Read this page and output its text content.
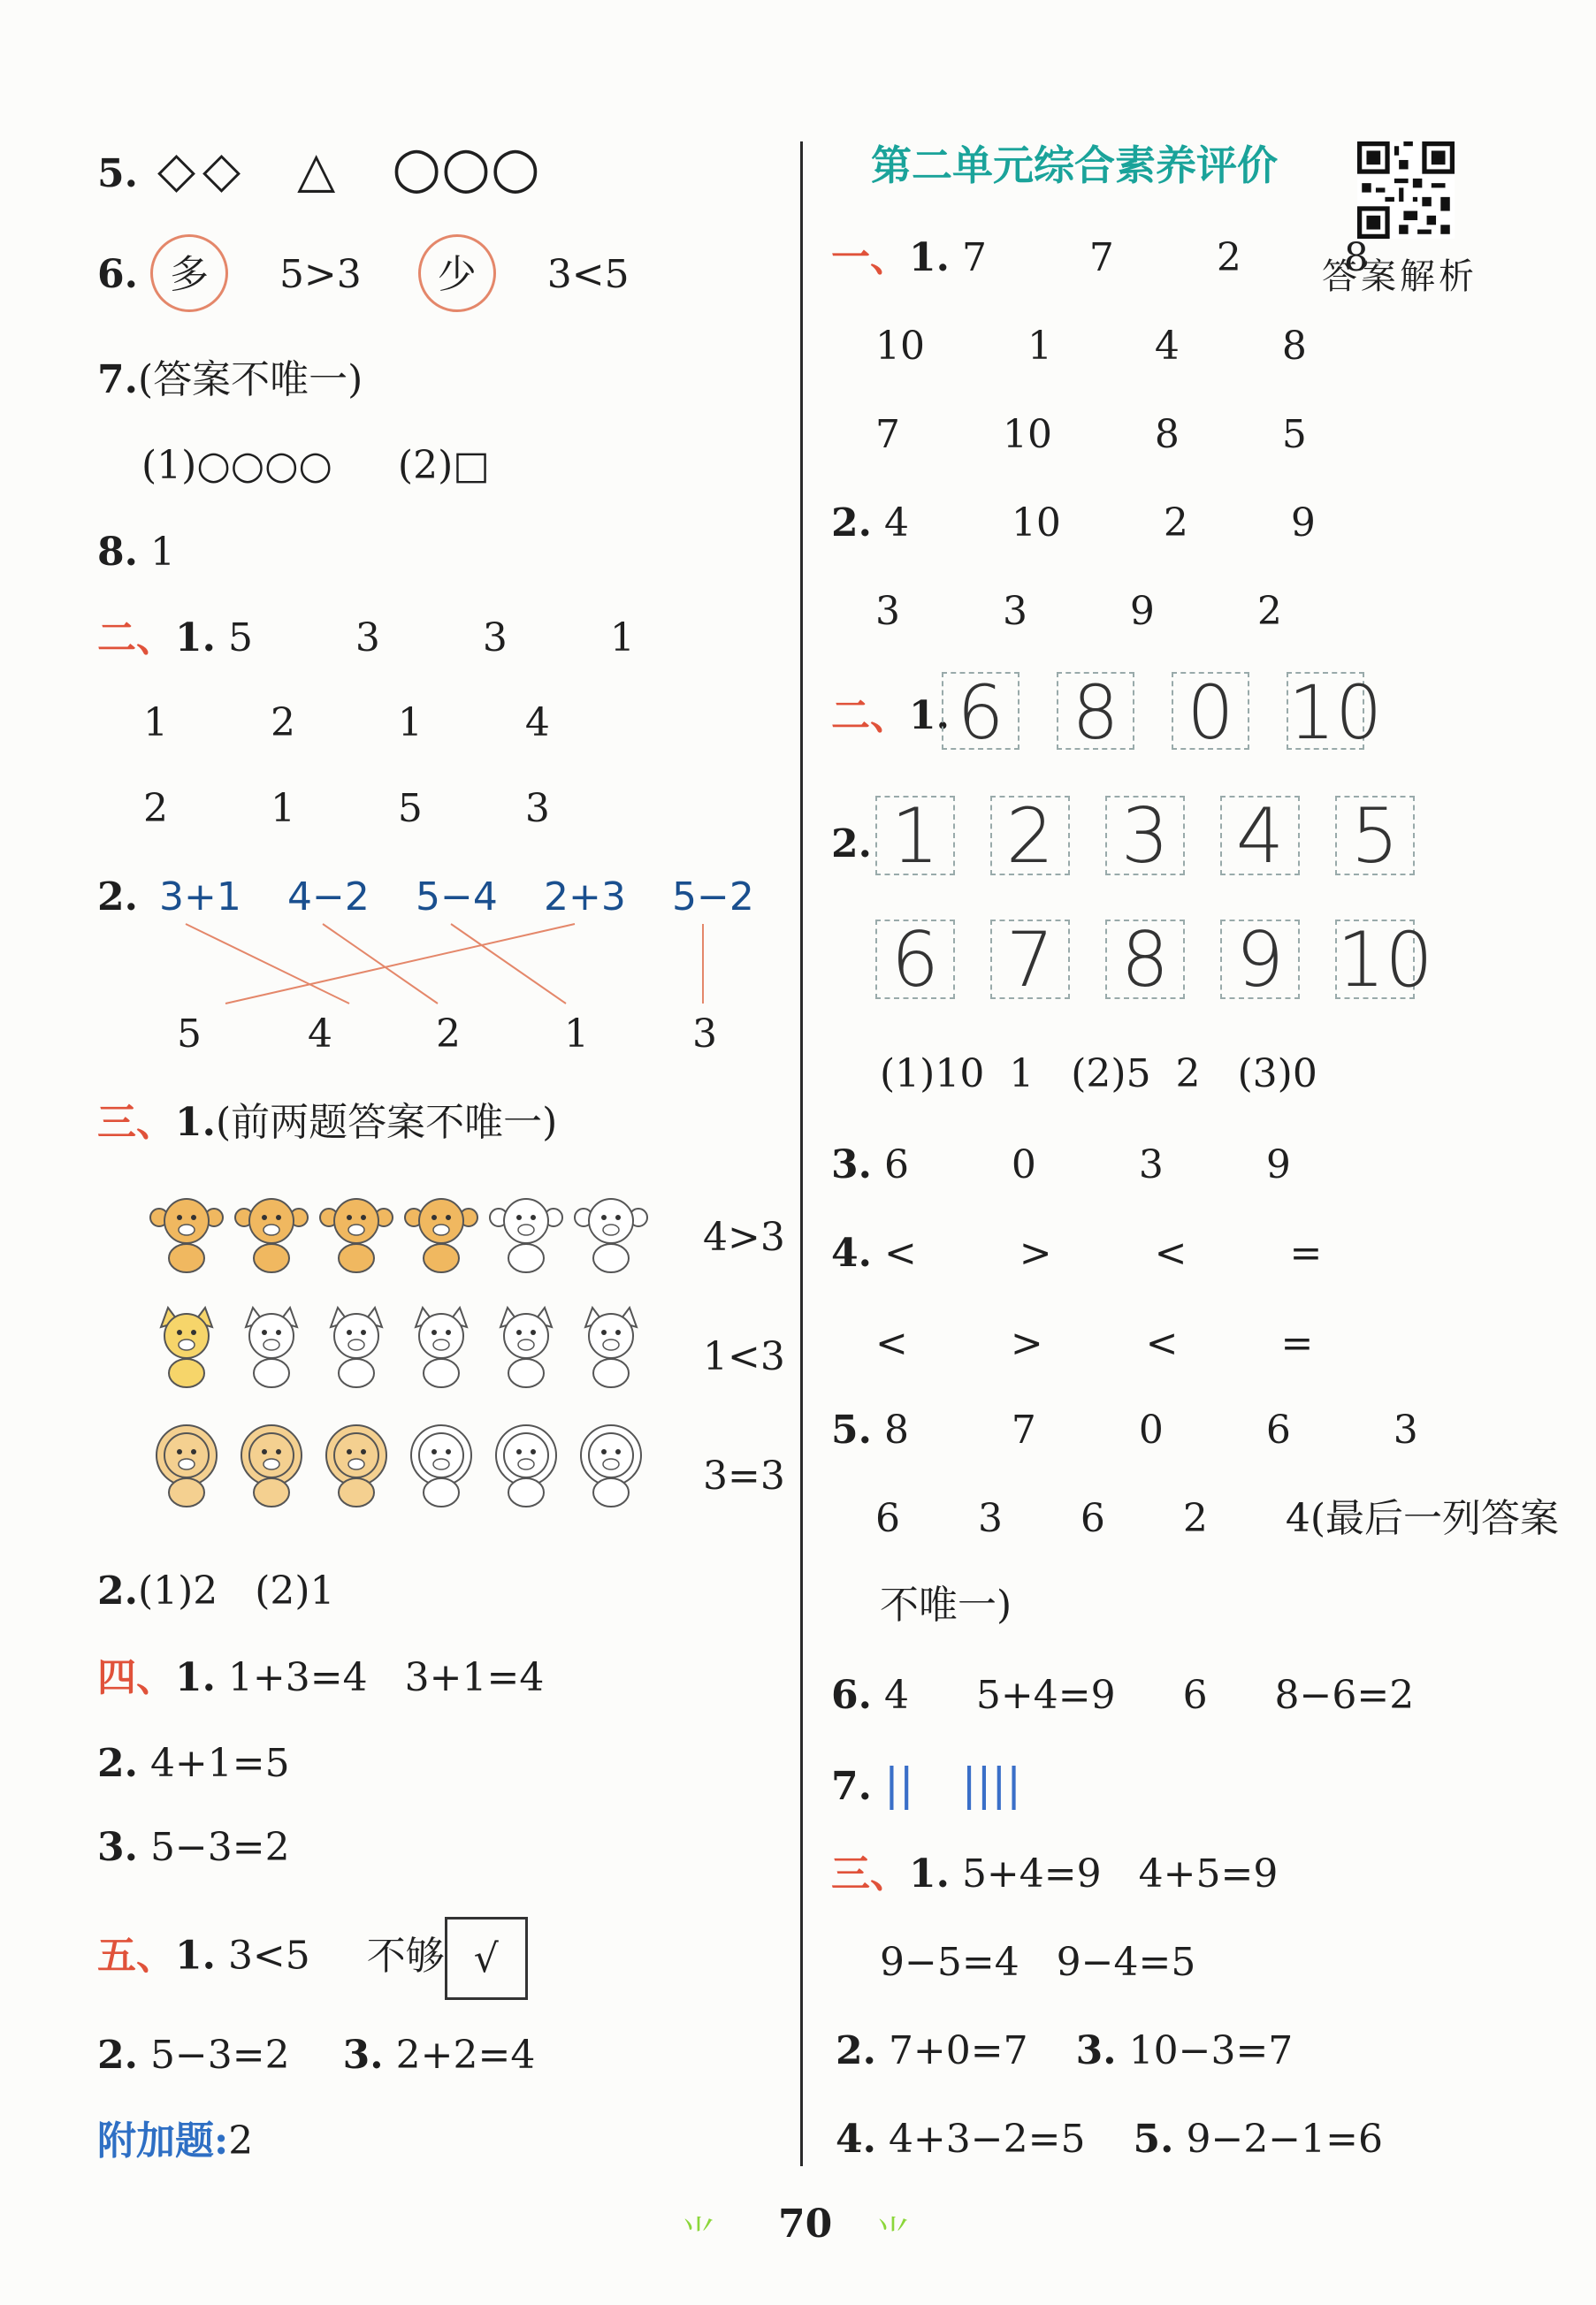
5. ◇ ◇ △ ○○○
6. 多 5>3 少 3<5
7.(答案不唯一)
(1)○○○○ (2)□
8. 1
二、1. 5  3  3  1
1  2  1  4
2  1  5  3
2. 3+1 4−2 5−4 2+3 5−2
5	4	2	1	3
三、1.(前两题答案不唯一)
4>3
1<3
3=3
2.(1)2   (2)1
四、1. 1+3=4   3+1=4
2. 4+1=5
3. 5−3=2
五、1. 3<5 不够 √
2. 5−3=2 3. 2+2=4
附加题:2
第二单元综合素养评价
答案解析
一、1. 7  7  2  8
10  1  4  8
7  10  8  5
2. 4  10  2  9
3  3  9  2
二、1. 6 8 0 10
2. 1 2 3 4 5
6 7 8 9 10
(1)10  1   (2)5  2   (3)0
3. 6  0  3  9
4. <  >  <  =
<  >  <  =
5. 8  7  0  6  3
6  3  6  2  4(最后一列答案
不唯一)
6. 4  5+4=9  6  8−6=2
7. || ||||
三、1. 5+4=9   4+5=9
9−5=4   9−4=5
2. 7+0=7 3. 10−3=7
4. 4+3−2=5 5. 9−2−1=6
⺌ 70 ⺌
